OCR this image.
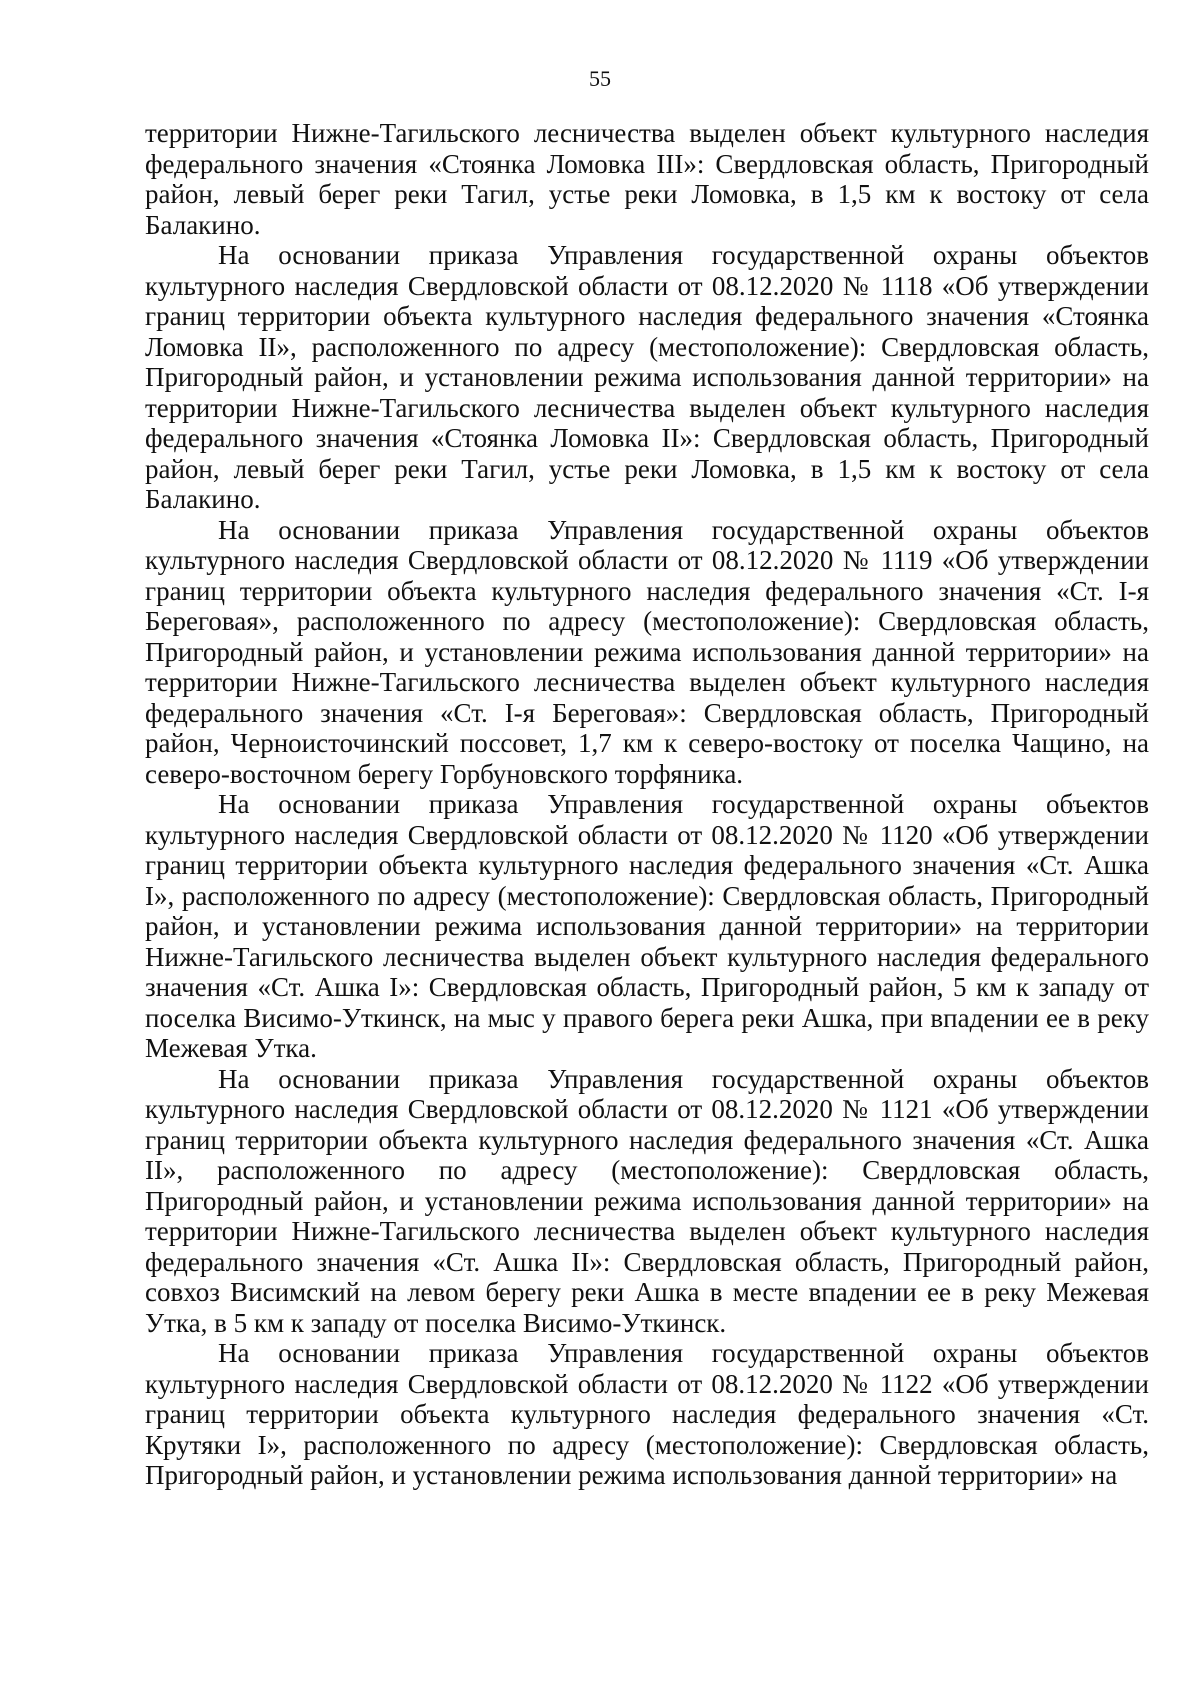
55

территории Нижне-Тагильского лесничества выделен объект культурного наследия федерального значения «Стоянка Ломовка III»: Свердловская область, Пригородный район, левый берег реки Тагил, устье реки Ломовка, в 1,5 км к востоку от села Балакино.

На основании приказа Управления государственной охраны объектов культурного наследия Свердловской области от 08.12.2020 № 1118 «Об утверждении границ территории объекта культурного наследия федерального значения «Стоянка Ломовка II», расположенного по адресу (местоположение): Свердловская область, Пригородный район, и установлении режима использования данной территории» на территории Нижне-Тагильского лесничества выделен объект культурного наследия федерального значения «Стоянка Ломовка II»: Свердловская область, Пригородный район, левый берег реки Тагил, устье реки Ломовка, в 1,5 км к востоку от села Балакино.

На основании приказа Управления государственной охраны объектов культурного наследия Свердловской области от 08.12.2020 № 1119 «Об утверждении границ территории объекта культурного наследия федерального значения «Ст. I-я Береговая», расположенного по адресу (местоположение): Свердловская область, Пригородный район, и установлении режима использования данной территории» на территории Нижне-Тагильского лесничества выделен объект культурного наследия федерального значения «Ст. I-я Береговая»: Свердловская область, Пригородный район, Черноисточинский поссовет, 1,7 км к северо-востоку от поселка Чащино, на северо-восточном берегу Горбуновского торфяника.

На основании приказа Управления государственной охраны объектов культурного наследия Свердловской области от 08.12.2020 № 1120 «Об утверждении границ территории объекта культурного наследия федерального значения «Ст. Ашка I», расположенного по адресу (местоположение): Свердловская область, Пригородный район, и установлении режима использования данной территории» на территории Нижне-Тагильского лесничества выделен объект культурного наследия федерального значения «Ст. Ашка I»: Свердловская область, Пригородный район, 5 км к западу от поселка Висимо-Уткинск, на мыс у правого берега реки Ашка, при впадении ее в реку Межевая Утка.

На основании приказа Управления государственной охраны объектов культурного наследия Свердловской области от 08.12.2020 № 1121 «Об утверждении границ территории объекта культурного наследия федерального значения «Ст. Ашка II», расположенного по адресу (местоположение): Свердловская область, Пригородный район, и установлении режима использования данной территории» на территории Нижне-Тагильского лесничества выделен объект культурного наследия федерального значения «Ст. Ашка II»: Свердловская область, Пригородный район, совхоз Висимский на левом берегу реки Ашка в месте впадении ее в реку Межевая Утка, в 5 км к западу от поселка Висимо-Уткинск.

На основании приказа Управления государственной охраны объектов культурного наследия Свердловской области от 08.12.2020 № 1122 «Об утверждении границ территории объекта культурного наследия федерального значения «Ст. Крутяки I», расположенного по адресу (местоположение): Свердловская область, Пригородный район, и установлении режима использования данной территории» на
